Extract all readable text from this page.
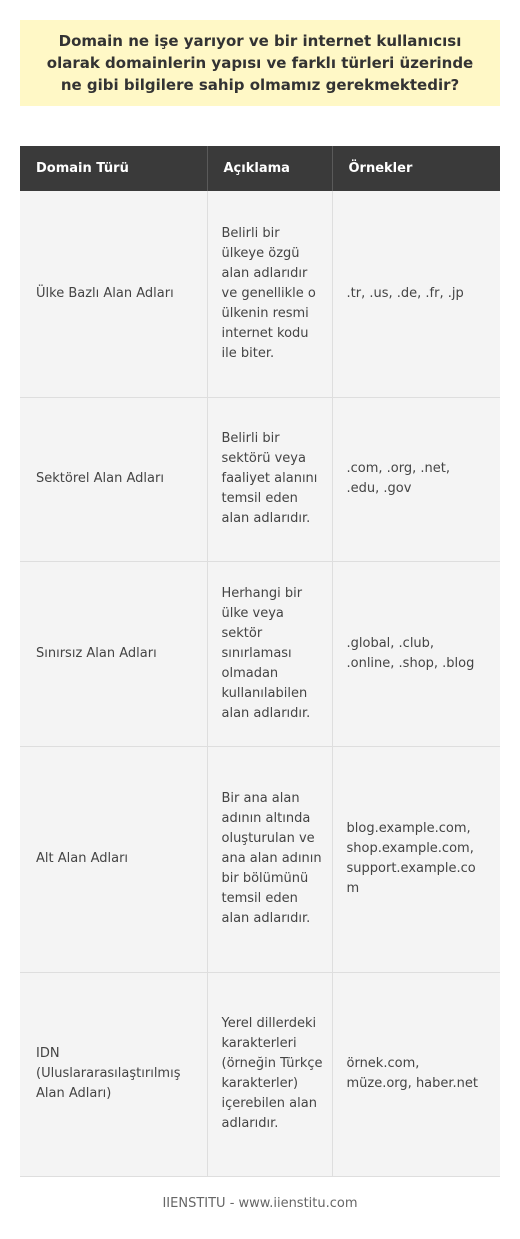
Domain ne işe yarıyor ve bir internet kullanıcısı olarak domainlerin yapısı ve farklı türleri üzerinde ne gibi bilgilere sahip olmamız gerekmektedir?
Domain Türü	Açıklama	Örnekler
Ülke Bazlı Alan Adları	Belirli bir ülkeye özgü alan adlarıdır ve genellikle o ülkenin resmi internet kodu ile biter.	.tr, .us, .de, .fr, .jp
Sektörel Alan Adları	Belirli bir sektörü veya faaliyet alanını temsil eden alan adlarıdır.	.com, .org, .net, .edu, .gov
Sınırsız Alan Adları	Herhangi bir ülke veya sektör sınırlaması olmadan kullanılabilen alan adlarıdır.	.global, .club, .online, .shop, .blog
Alt Alan Adları	Bir ana alan adının altında oluşturulan ve ana alan adının bir bölümünü temsil eden alan adlarıdır.	blog.example.com, shop.example.com, support.example.com
IDN (Uluslararasılaştırılmış Alan Adları)	Yerel dillerdeki karakterleri (örneğin Türkçe karakterler) içerebilen alan adlarıdır.	örnek.com, müze.org, haber.net
IIENSTITU - www.iienstitu.com
